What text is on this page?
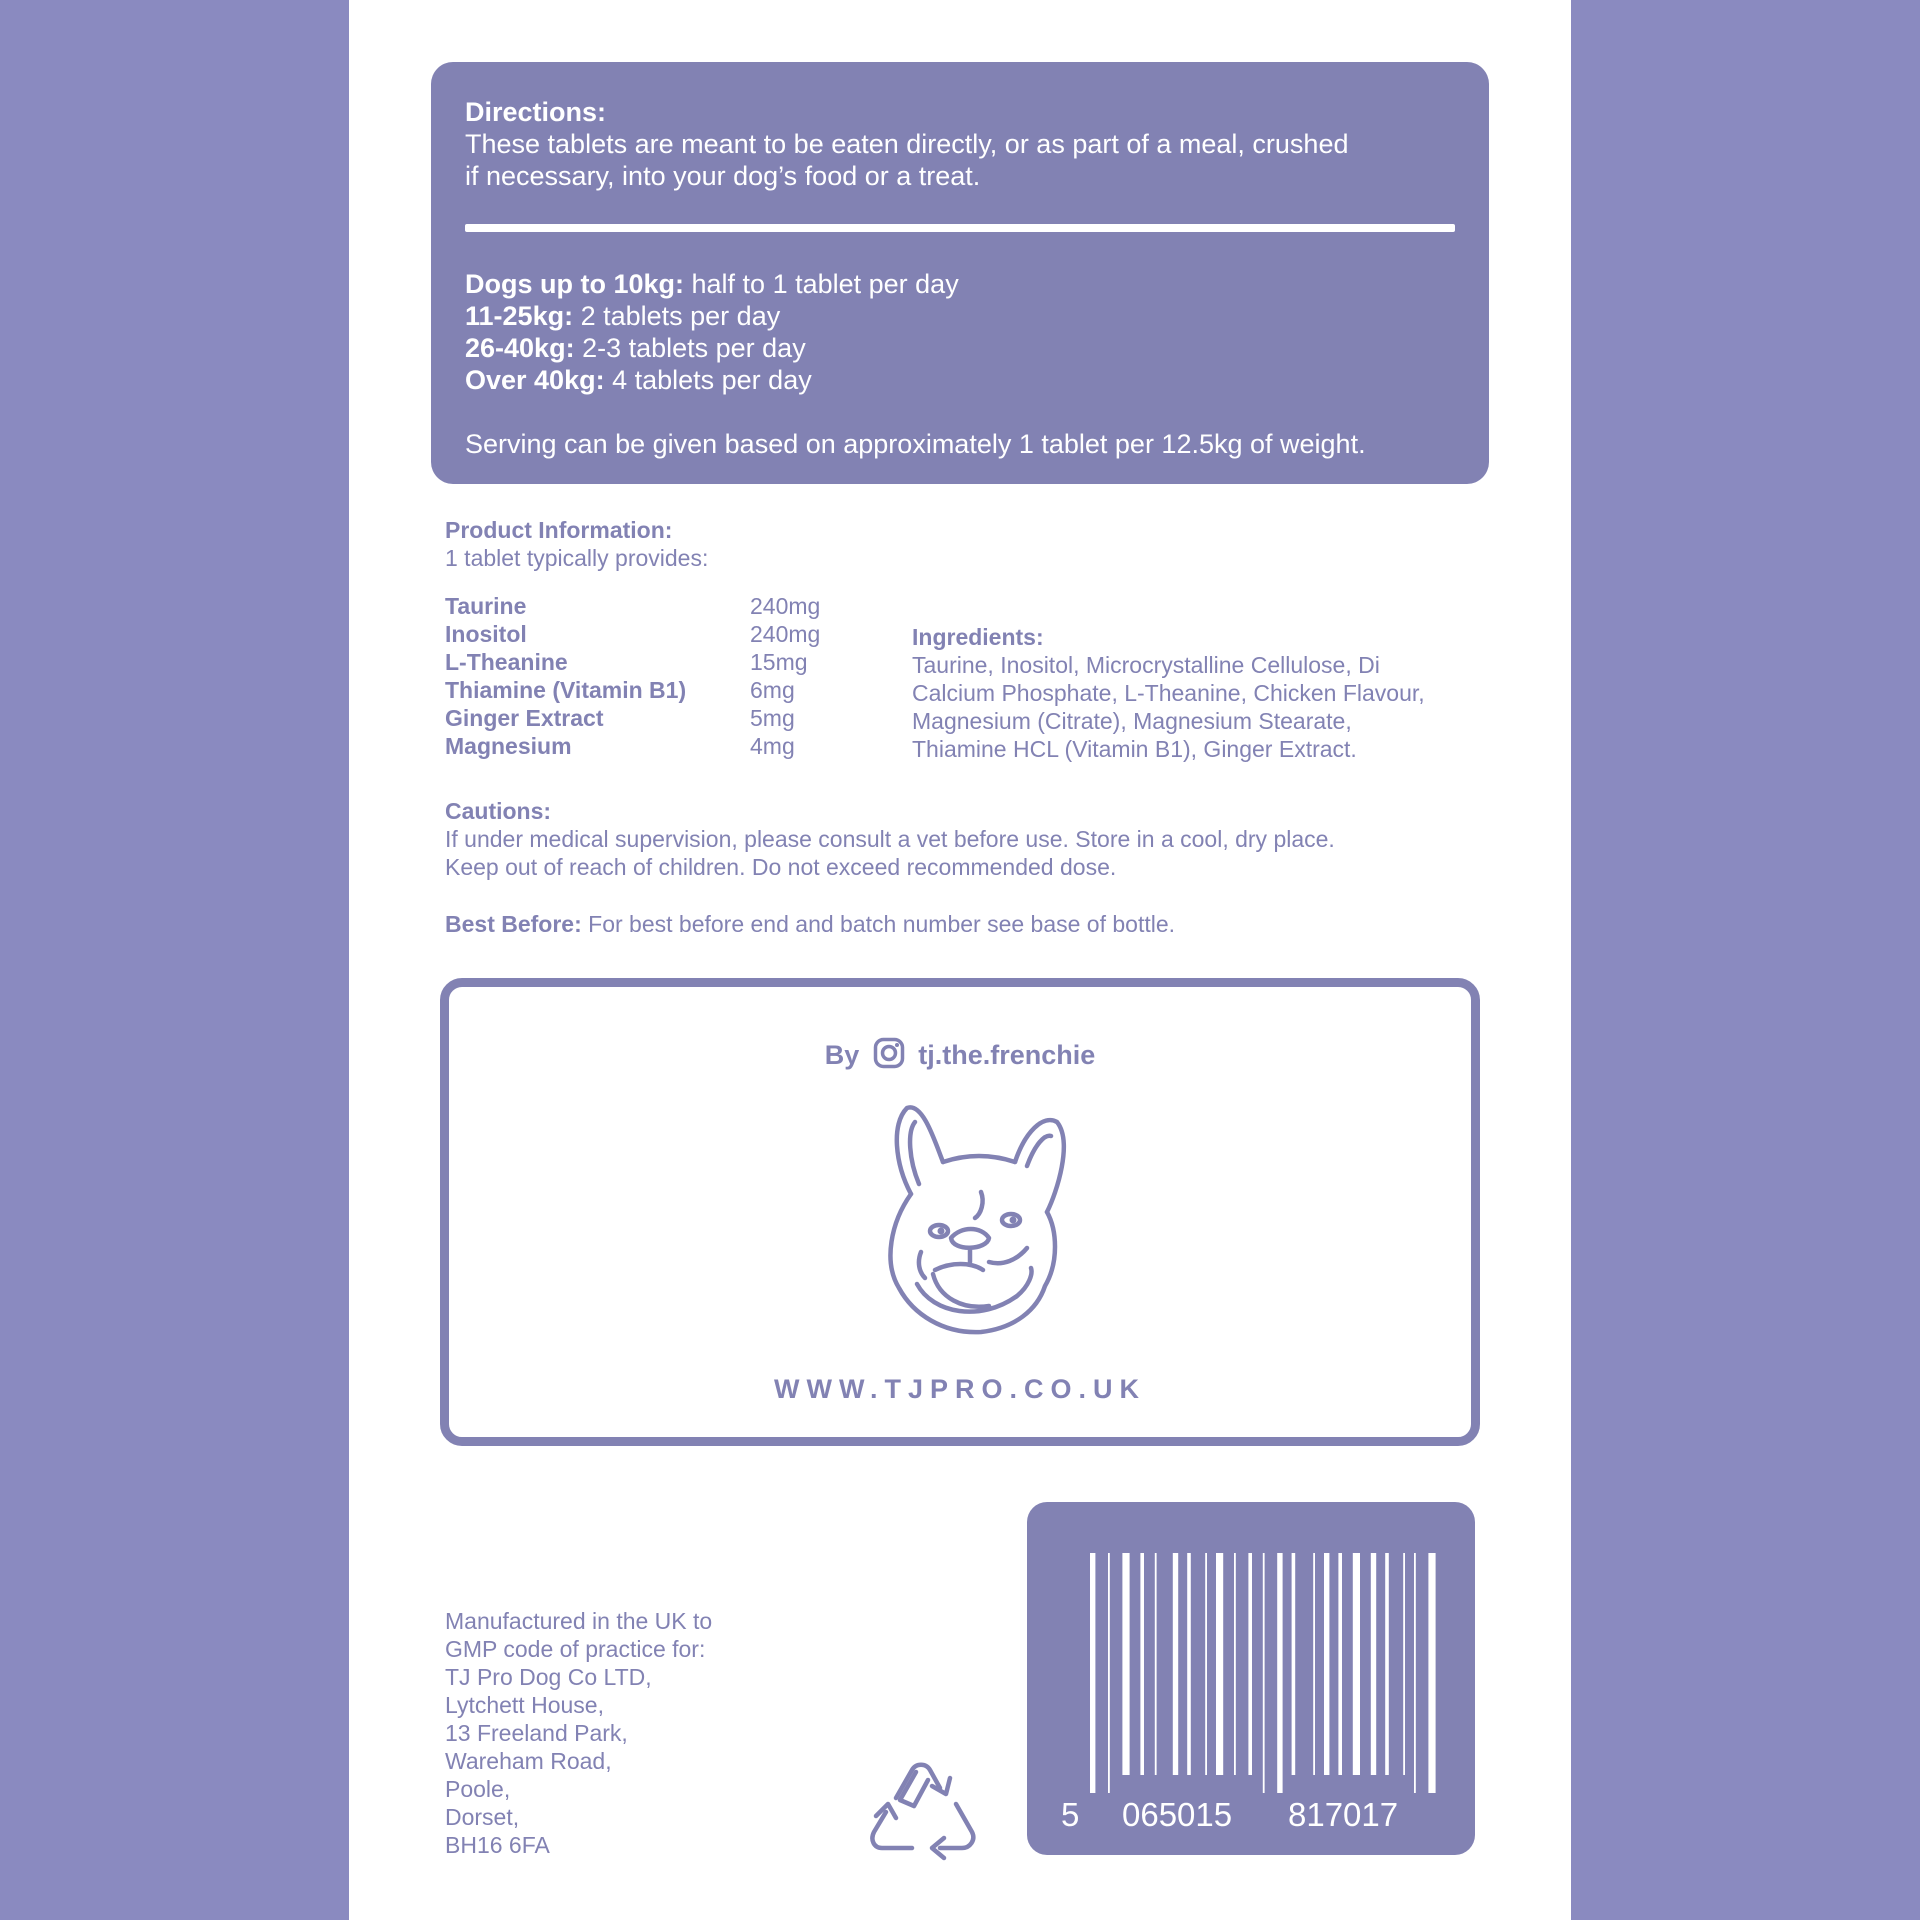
Directions:
These tablets are meant to be eaten directly, or as part of a meal, crushed
if necessary, into your dog’s food or a treat.
Dogs up to 10kg: half to 1 tablet per day
11-25kg: 2 tablets per day
26-40kg: 2-3 tablets per day
Over 40kg: 4 tablets per day
Serving can be given based on approximately 1 tablet per 12.5kg of weight.
Product Information:
1 tablet typically provides:
Taurine	240mg
Inositol	240mg
L-Theanine	15mg
Thiamine (Vitamin B1)	6mg
Ginger Extract	5mg
Magnesium	4mg
Ingredients:
Taurine, Inositol, Microcrystalline Cellulose, Di
Calcium Phosphate, L-Theanine, Chicken Flavour,
Magnesium (Citrate), Magnesium Stearate,
Thiamine HCL (Vitamin B1), Ginger Extract.
Cautions:
If under medical supervision, please consult a vet before use. Store in a cool, dry place.
Keep out of reach of children. Do not exceed recommended dose.
Best Before: For best before end and batch number see base of bottle.
By tj.the.frenchie
WWW.TJPRO.CO.UK
Manufactured in the UK to
GMP code of practice for:
TJ Pro Dog Co LTD,
Lytchett House,
13 Freeland Park,
Wareham Road,
Poole,
Dorset,
BH16 6FA
5 065015 817017
